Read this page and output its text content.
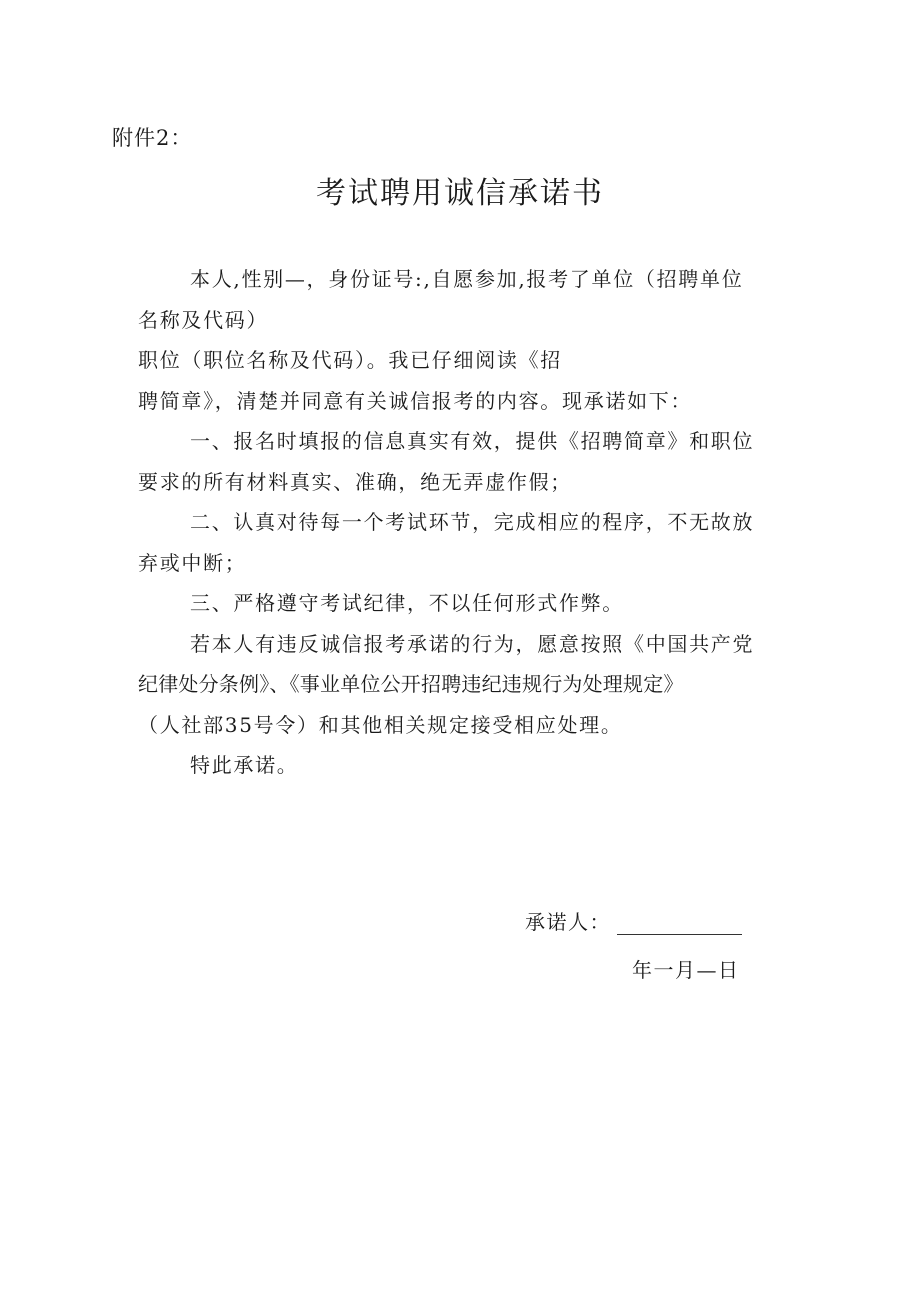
附件2：
考试聘用诚信承诺书
本人,性别—，身份证号:,自愿参加,报考了单位（招聘单位
名称及代码）
职位（职位名称及代码）。我已仔细阅读《招
聘简章》，清楚并同意有关诚信报考的内容。现承诺如下：
一、报名时填报的信息真实有效，提供《招聘简章》和职位
要求的所有材料真实、准确，绝无弄虚作假；
二、认真对待每一个考试环节，完成相应的程序，不无故放
弃或中断；
三、严格遵守考试纪律，不以任何形式作弊。
若本人有违反诚信报考承诺的行为，愿意按照《中国共产党
纪律处分条例》、《事业单位公开招聘违纪违规行为处理规定》
（人社部35号令）和其他相关规定接受相应处理。
特此承诺。
承诺人：
年一月—日
